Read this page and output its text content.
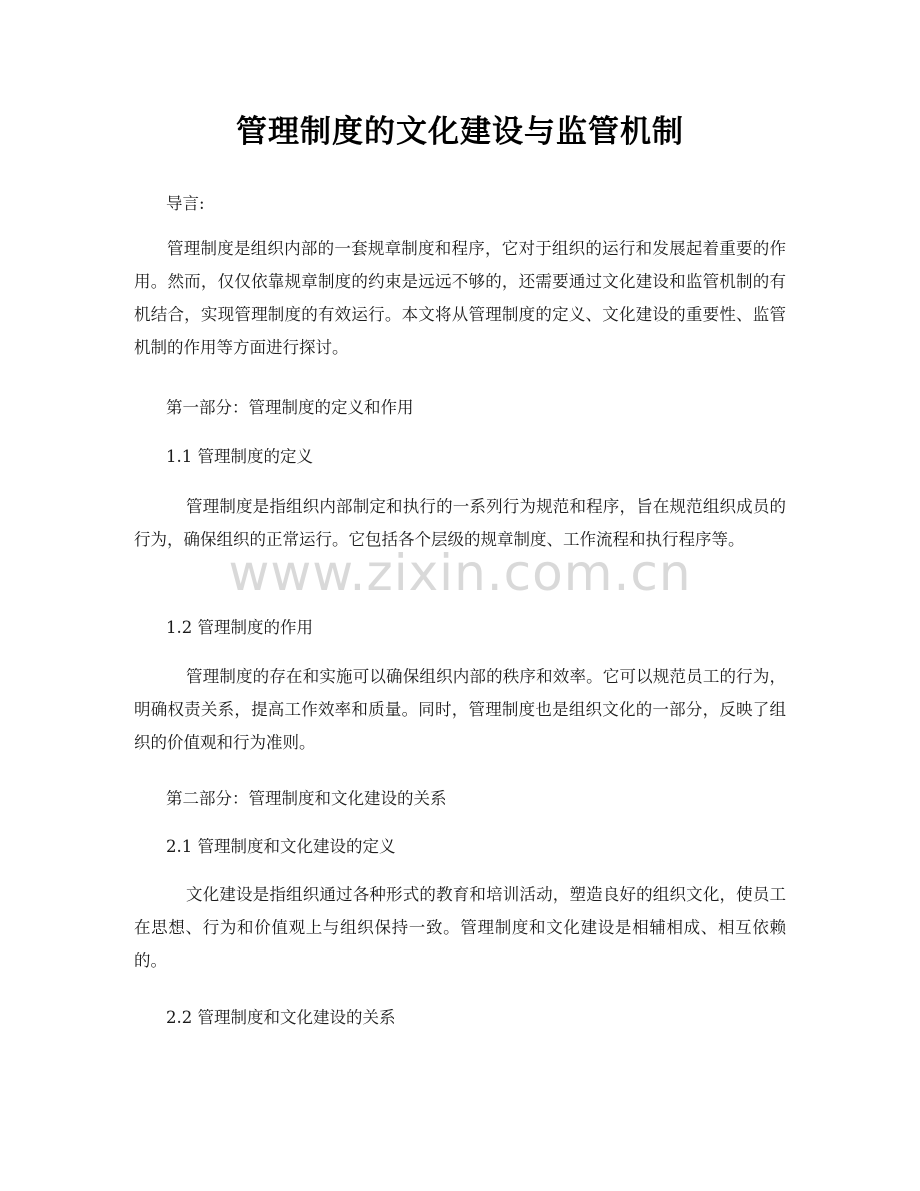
管理制度的文化建设与监管机制
导言:
管理制度是组织内部的一套规章制度和程序，它对于组织的运行和发展起着重要的作用。然而，仅仅依靠规章制度的约束是远远不够的，还需要通过文化建设和监管机制的有机结合，实现管理制度的有效运行。本文将从管理制度的定义、文化建设的重要性、监管机制的作用等方面进行探讨。
第一部分：管理制度的定义和作用
1.1 管理制度的定义
管理制度是指组织内部制定和执行的一系列行为规范和程序，旨在规范组织成员的行为，确保组织的正常运行。它包括各个层级的规章制度、工作流程和执行程序等。
www.zixin.com.cn
1.2 管理制度的作用
管理制度的存在和实施可以确保组织内部的秩序和效率。它可以规范员工的行为，明确权责关系，提高工作效率和质量。同时，管理制度也是组织文化的一部分，反映了组织的价值观和行为准则。
第二部分：管理制度和文化建设的关系
2.1 管理制度和文化建设的定义
文化建设是指组织通过各种形式的教育和培训活动，塑造良好的组织文化，使员工在思想、行为和价值观上与组织保持一致。管理制度和文化建设是相辅相成、相互依赖的。
2.2 管理制度和文化建设的关系
